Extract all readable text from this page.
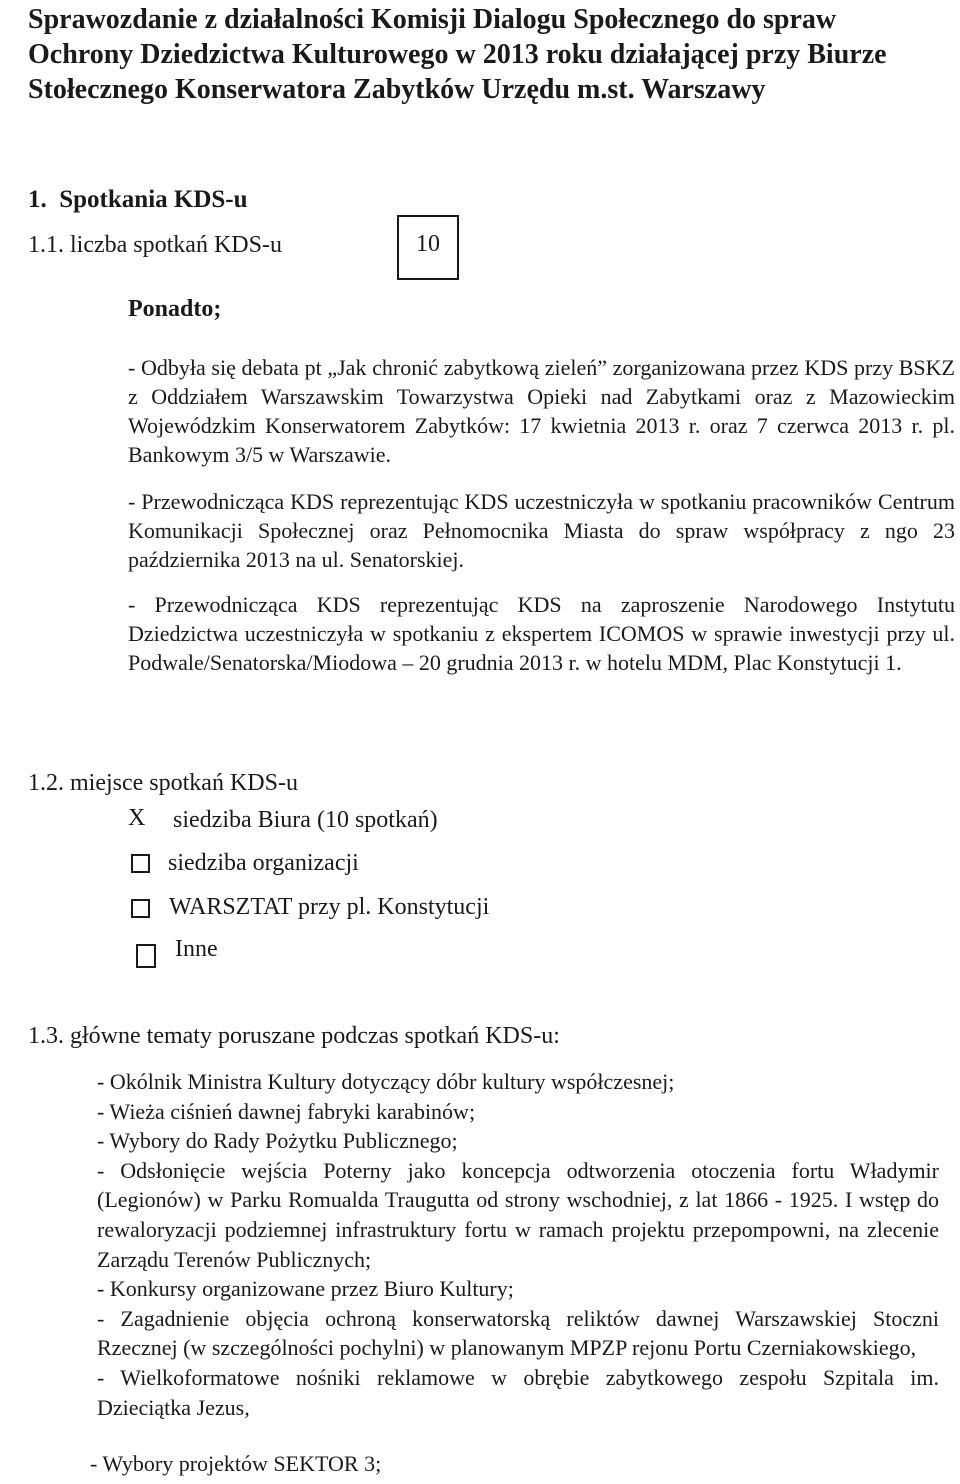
Sprawozdanie z działalności Komisji Dialogu Społecznego do spraw
Ochrony Dziedzictwa Kulturowego w 2013 roku działającej przy Biurze
Stołecznego Konserwatora Zabytków Urzędu m.st. Warszawy
1.  Spotkania KDS-u
1.1. liczba spotkań KDS-u	10
Ponadto;
- Odbyła się debata pt „Jak chronić zabytkową zieleń” zorganizowana przez KDS przy BSKZ z Oddziałem Warszawskim Towarzystwa Opieki nad Zabytkami oraz z Mazowieckim Wojewódzkim Konserwatorem Zabytków: 17 kwietnia 2013 r. oraz 7 czerwca 2013 r. pl. Bankowym 3/5 w Warszawie.
- Przewodnicząca KDS reprezentując KDS uczestniczyła w spotkaniu pracowników Centrum Komunikacji Społecznej oraz Pełnomocnika Miasta do spraw współpracy z ngo 23 października 2013 na ul. Senatorskiej.
- Przewodnicząca KDS reprezentując KDS na zaproszenie Narodowego Instytutu Dziedzictwa uczestniczyła w spotkaniu z ekspertem ICOMOS w sprawie inwestycji przy ul. Podwale/Senatorska/Miodowa – 20 grudnia 2013 r. w hotelu MDM, Plac Konstytucji 1.
1.2. miejsce spotkań KDS-u
X siedziba Biura (10 spotkań)
siedziba organizacji
WARSZTAT przy pl. Konstytucji
Inne
1.3. główne tematy poruszane podczas spotkań KDS-u:
- Okólnik Ministra Kultury dotyczący dóbr kultury współczesnej;
- Wieża ciśnień dawnej fabryki karabinów;
- Wybory do Rady Pożytku Publicznego;
- Odsłonięcie wejścia Poterny jako koncepcja odtworzenia otoczenia fortu Władymir (Legionów) w Parku Romualda Traugutta od strony wschodniej, z lat 1866 - 1925. I wstęp do rewaloryzacji podziemnej infrastruktury fortu w ramach projektu przepompowni, na zlecenie Zarządu Terenów Publicznych;
- Konkursy organizowane przez Biuro Kultury;
- Zagadnienie objęcia ochroną konserwatorską reliktów dawnej Warszawskiej Stoczni Rzecznej (w szczególności pochylni) w planowanym MPZP rejonu Portu Czerniakowskiego,
- Wielkoformatowe nośniki reklamowe w obrębie zabytkowego zespołu Szpitala im. Dzieciątka Jezus,
- Wybory projektów SEKTOR 3;
